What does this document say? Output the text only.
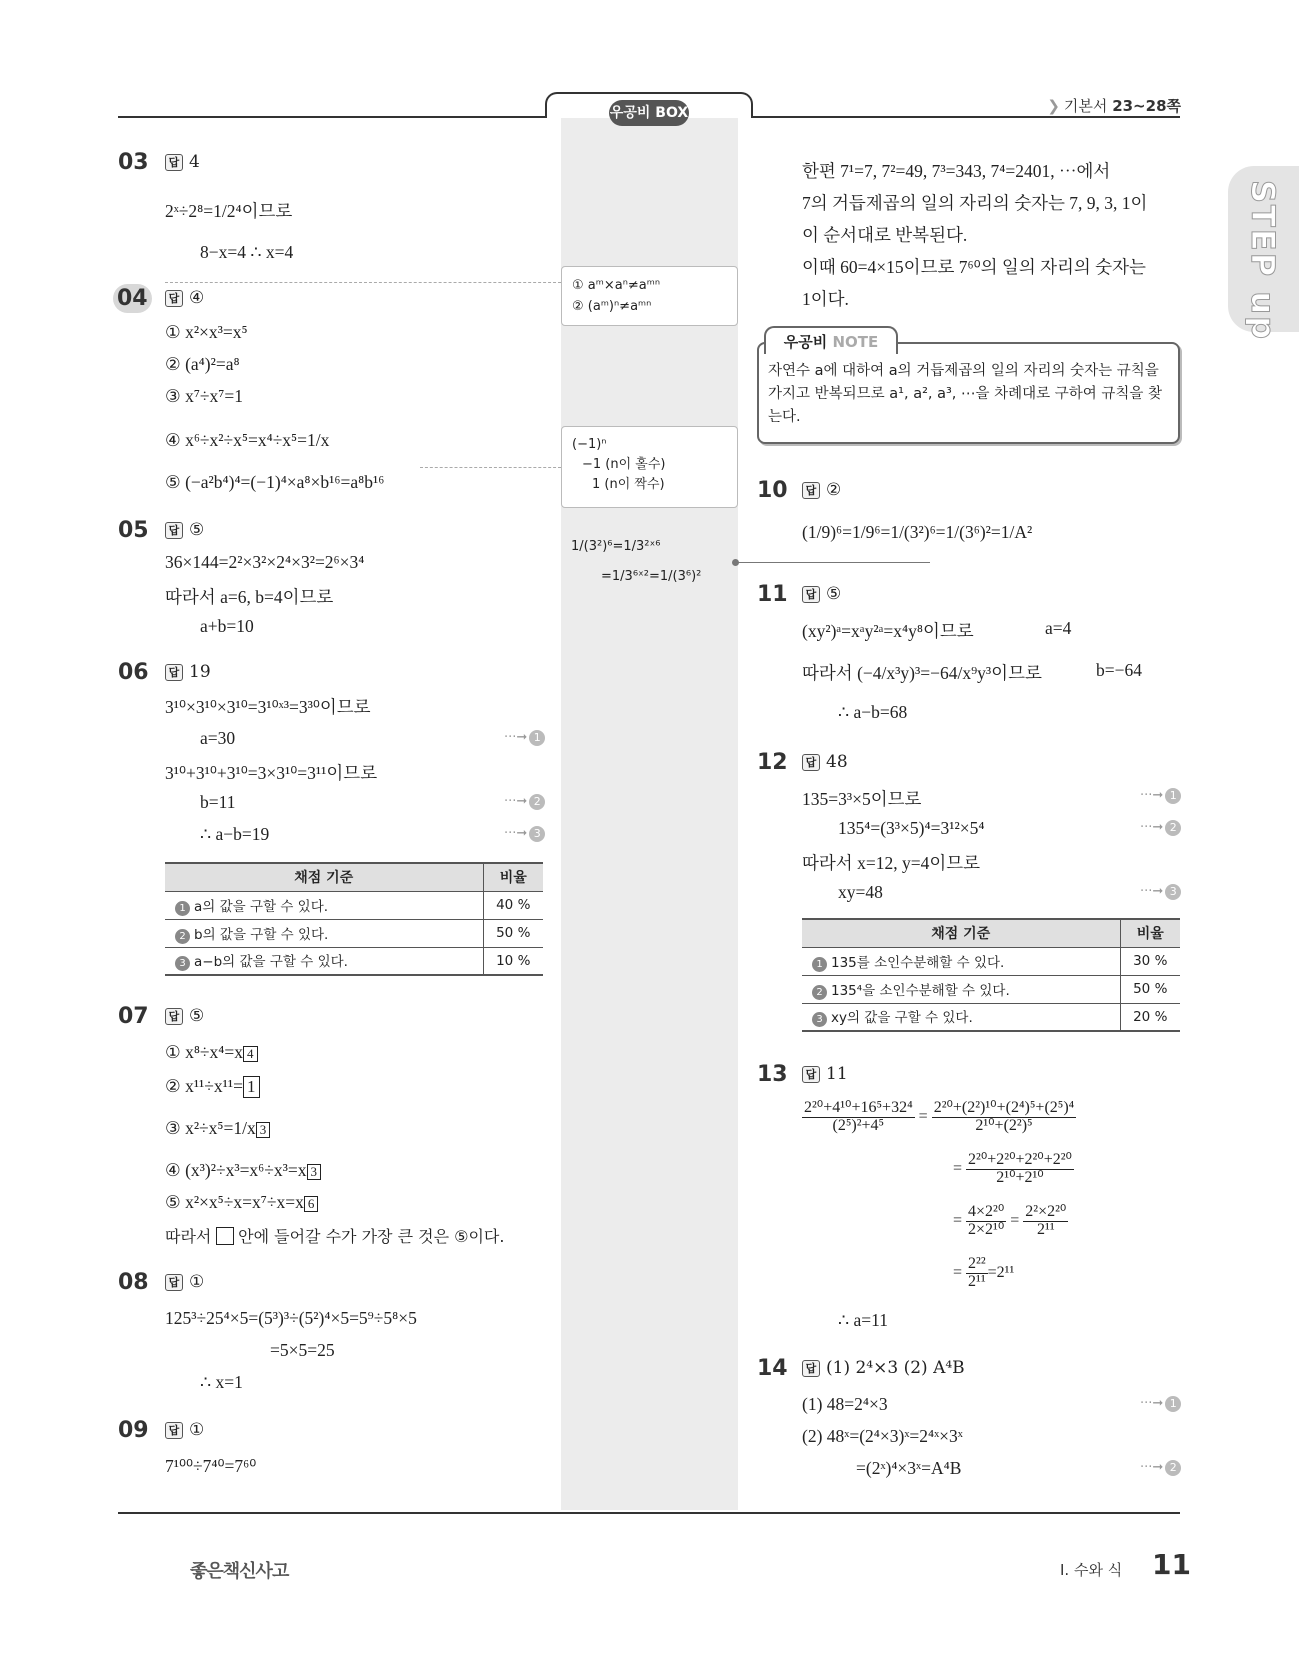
❯ 기본서 23~28쪽
우공비 BOX
STEP up
03	답 4
2ˣ÷2⁸=1/2⁴이므로
8−x=4 ∴ x=4
04	답 ④
① x²×x³=x⁵
② (a⁴)²=a⁸
③ x⁷÷x⁷=1
④ x⁶÷x²÷x⁵=x⁴÷x⁵=1/x
⑤ (−a²b⁴)⁴=(−1)⁴×a⁸×b¹⁶=a⁸b¹⁶
05	답 ⑤
36×144=2²×3²×2⁴×3²=2⁶×3⁴
따라서 a=6, b=4이므로
a+b=10
06	답 19
3¹⁰×3¹⁰×3¹⁰=3¹⁰ˣ³=3³⁰이므로
a=30	···➞ 1
3¹⁰+3¹⁰+3¹⁰=3×3¹⁰=3¹¹이므로
b=11	···➞ 2
∴ a−b=19	···➞ 3
채점 기준	비율
1 a의 값을 구할 수 있다.	40 %
2 b의 값을 구할 수 있다.	50 %
3 a−b의 값을 구할 수 있다.	10 %
07	답 ⑤
① x⁸÷x⁴=x 4
② x¹¹÷x¹¹= 1
③ x²÷x⁵=1/x 3
④ (x³)²÷x³=x⁶÷x³=x 3
⑤ x²×x⁵÷x=x⁷÷x=x 6
따라서 안에 들어갈 수가 가장 큰 것은 ⑤이다.
08	답 ①
125³÷25⁴×5=(5³)³÷(5²)⁴×5=5⁹÷5⁸×5
=5×5=25
∴ x=1
09	답 ①
7¹⁰⁰÷7⁴⁰=7⁶⁰
한편 7¹=7, 7²=49, 7³=343, 7⁴=2401, ⋯에서
7의 거듭제곱의 일의 자리의 숫자는 7, 9, 3, 1이
이 순서대로 반복된다.
이때 60=4×15이므로 7⁶⁰의 일의 자리의 숫자는
1이다.
우공비 NOTE
자연수 a에 대하여 a의 거듭제곱의 일의 자리의 숫자는 규칙을 가지고 반복되므로 a¹, a², a³, ⋯을 차례대로 구하여 규칙을 찾는다.
10	답 ②
(1/9)⁶=1/9⁶=1/(3²)⁶=1/(3⁶)²=1/A²
11	답 ⑤
(xy²)ᵃ=xᵃy²ᵃ=x⁴y⁸이므로	a=4
따라서 (−4/x³y)³=−64/x⁹y³이므로	b=−64
∴ a−b=68
12	답 48
135=3³×5이므로	···➞ 1
135⁴=(3³×5)⁴=3¹²×5⁴	···➞ 2
따라서 x=12, y=4이므로
xy=48	···➞ 3
채점 기준	비율
1 135를 소인수분해할 수 있다.	30 %
2 135⁴을 소인수분해할 수 있다.	50 %
3 xy의 값을 구할 수 있다.	20 %
13	답 11
$\frac{\text{2²⁰+4¹⁰+16⁵+32⁴}}{\text{(2⁵)²+4⁵}} = \frac{\text{2²⁰+(2²)¹⁰+(2⁴)⁵+(2⁵)⁴}}{\text{2¹⁰+(2²)⁵}}$
= $\frac{\text{2²⁰+2²⁰+2²⁰+2²⁰}}{\text{2¹⁰+2¹⁰}}$
= $\frac{\text{4×2²⁰}}{\text{2×2¹⁰}} = \frac{\text{2²×2²⁰}}{\text{2¹¹}}$
= $\frac{\text{2²²}}{\text{2¹¹}} =2^{11}$
∴ a=11
14	답 (1) 2⁴×3 (2) A⁴B
(1) 48=2⁴×3	···➞ 1
(2) 48ˣ=(2⁴×3)ˣ=2⁴ˣ×3ˣ
=(2ˣ)⁴×3ˣ=A⁴B	···➞ 2
① aᵐ×aⁿ≠aᵐⁿ
② (aᵐ)ⁿ≠aᵐⁿ
(−1)ⁿ
−1 (n이 홀수)
1 (n이 짝수)
1/(3²)⁶=1/3²ˣ⁶
=1/3⁶ˣ²=1/(3⁶)²
좋은책신사고	Ⅰ. 수와 식 11
